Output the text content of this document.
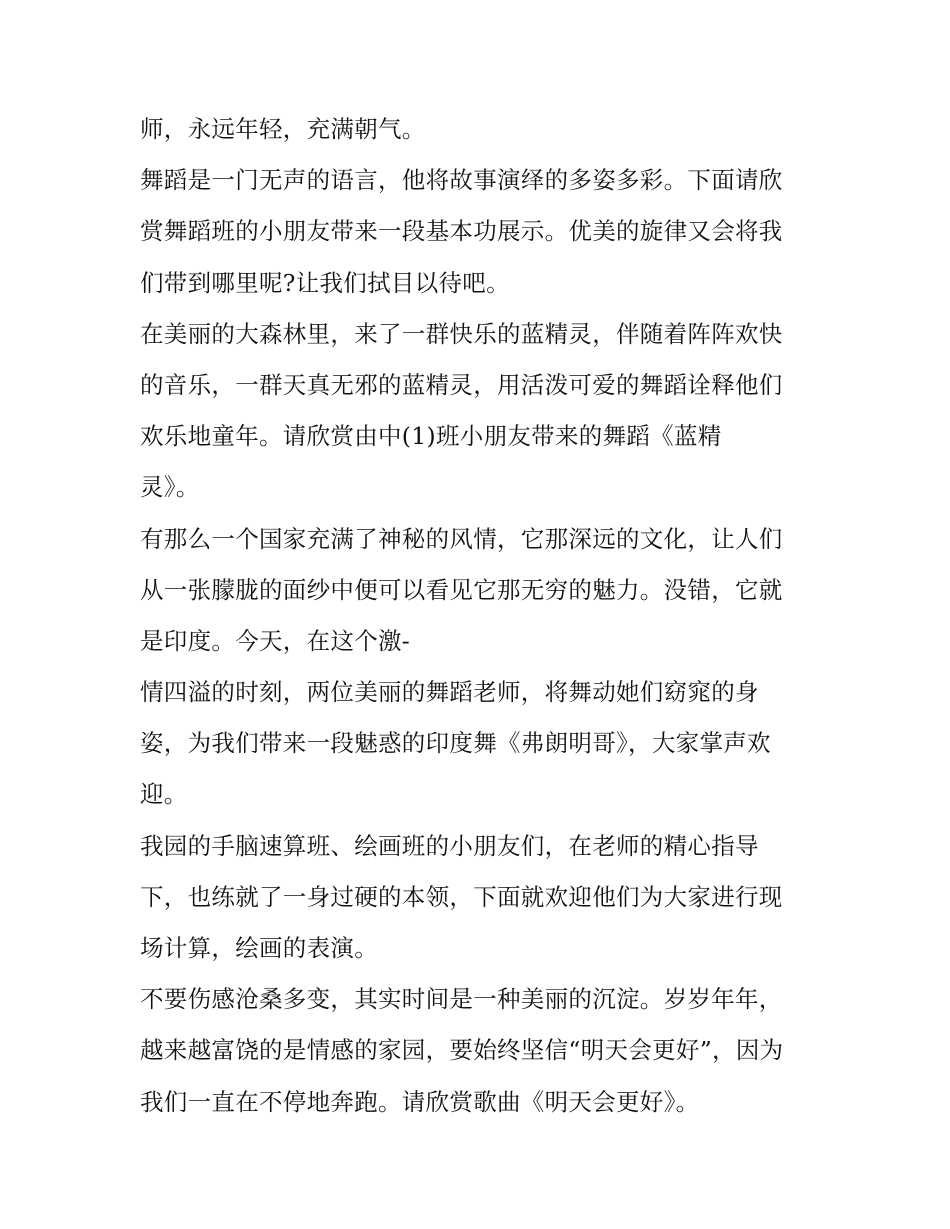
师，永远年轻，充满朝气。
舞蹈是一门无声的语言，他将故事演绎的多姿多彩。下面请欣
赏舞蹈班的小朋友带来一段基本功展示。优美的旋律又会将我
们带到哪里呢?让我们拭目以待吧。
在美丽的大森林里，来了一群快乐的蓝精灵，伴随着阵阵欢快
的音乐，一群天真无邪的蓝精灵，用活泼可爱的舞蹈诠释他们
欢乐地童年。请欣赏由中(1)班小朋友带来的舞蹈《蓝精
灵》。
有那么一个国家充满了神秘的风情，它那深远的文化，让人们
从一张朦胧的面纱中便可以看见它那无穷的魅力。没错，它就
是印度。今天，在这个激-
情四溢的时刻，两位美丽的舞蹈老师，将舞动她们窈窕的身
姿，为我们带来一段魅惑的印度舞《弗朗明哥》，大家掌声欢
迎。
我园的手脑速算班、绘画班的小朋友们，在老师的精心指导
下，也练就了一身过硬的本领，下面就欢迎他们为大家进行现
场计算，绘画的表演。
不要伤感沧桑多变，其实时间是一种美丽的沉淀。岁岁年年，
越来越富饶的是情感的家园，要始终坚信“明天会更好”，因为
我们一直在不停地奔跑。请欣赏歌曲《明天会更好》。
